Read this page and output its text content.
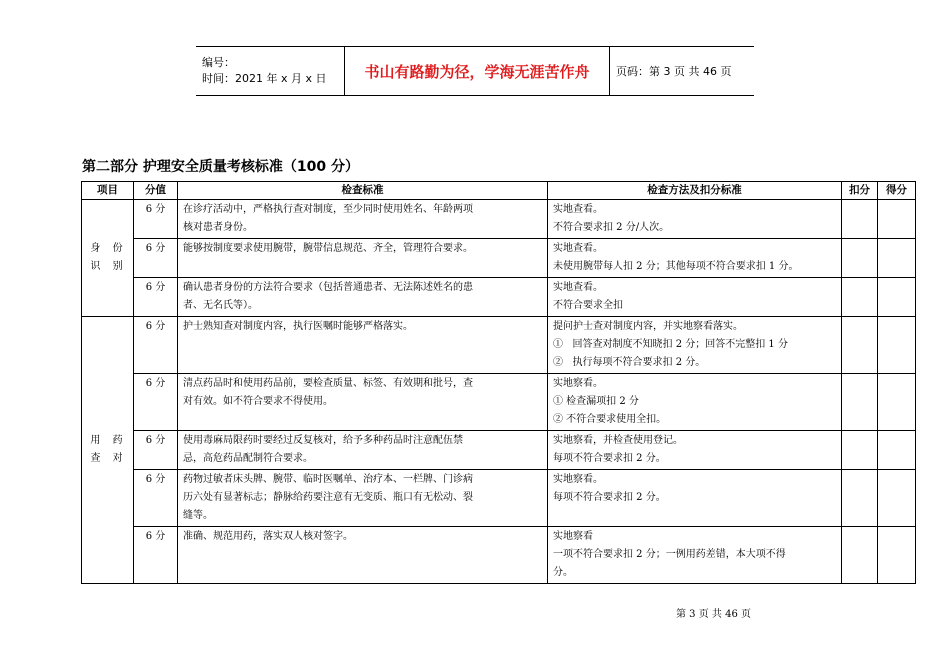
编号：
时间：2021 年 x 月 x 日	书山有路勤为径，学海无涯苦作舟	页码：第 3 页 共 46 页
第二部分 护理安全质量考核标准（100 分）
项目	分值	检查标准	检查方法及扣分标准	扣分	得分

身  份
识  别	6 分	在诊疗活动中，严格执行查对制度，至少同时使用姓名、年龄两项
核对患者身份。	实地查看。
不符合要求扣 2 分/人次。		

	6 分	能够按制度要求使用腕带，腕带信息规范、齐全，管理符合要求。	实地查看。
未使用腕带每人扣 2 分；其他每项不符合要求扣 1 分。		

	6 分	确认患者身份的方法符合要求（包括普通患者、无法陈述姓名的患
者、无名氏等）。	实地查看。
不符合要求全扣		

用  药
查  对	6 分	护士熟知查对制度内容，执行医嘱时能够严格落实。	提问护士查对制度内容，并实地察看落实。
①   回答查对制度不知晓扣 2 分；回答不完整扣 1 分
②   执行每项不符合要求扣 2 分。		

	6 分	清点药品时和使用药品前，要检查质量、标签、有效期和批号，查
对有效。如不符合要求不得使用。	实地察看。
① 检查漏项扣 2 分
② 不符合要求使用全扣。		

	6 分	使用毒麻局限药时要经过反复核对，给予多种药品时注意配伍禁
忌，高危药品配制符合要求。	实地察看，并检查使用登记。
每项不符合要求扣 2 分。		

	6 分	药物过敏者床头牌、腕带、临时医嘱单、治疗本、一栏牌、门诊病
历六处有显著标志；静脉给药要注意有无变质、瓶口有无松动、裂
缝等。	实地察看。
每项不符合要求扣 2 分。		

	6 分	准确、规范用药，落实双人核对签字。	实地察看
一项不符合要求扣 2 分；一例用药差错，本大项不得
分。		

第 3 页 共 46 页
